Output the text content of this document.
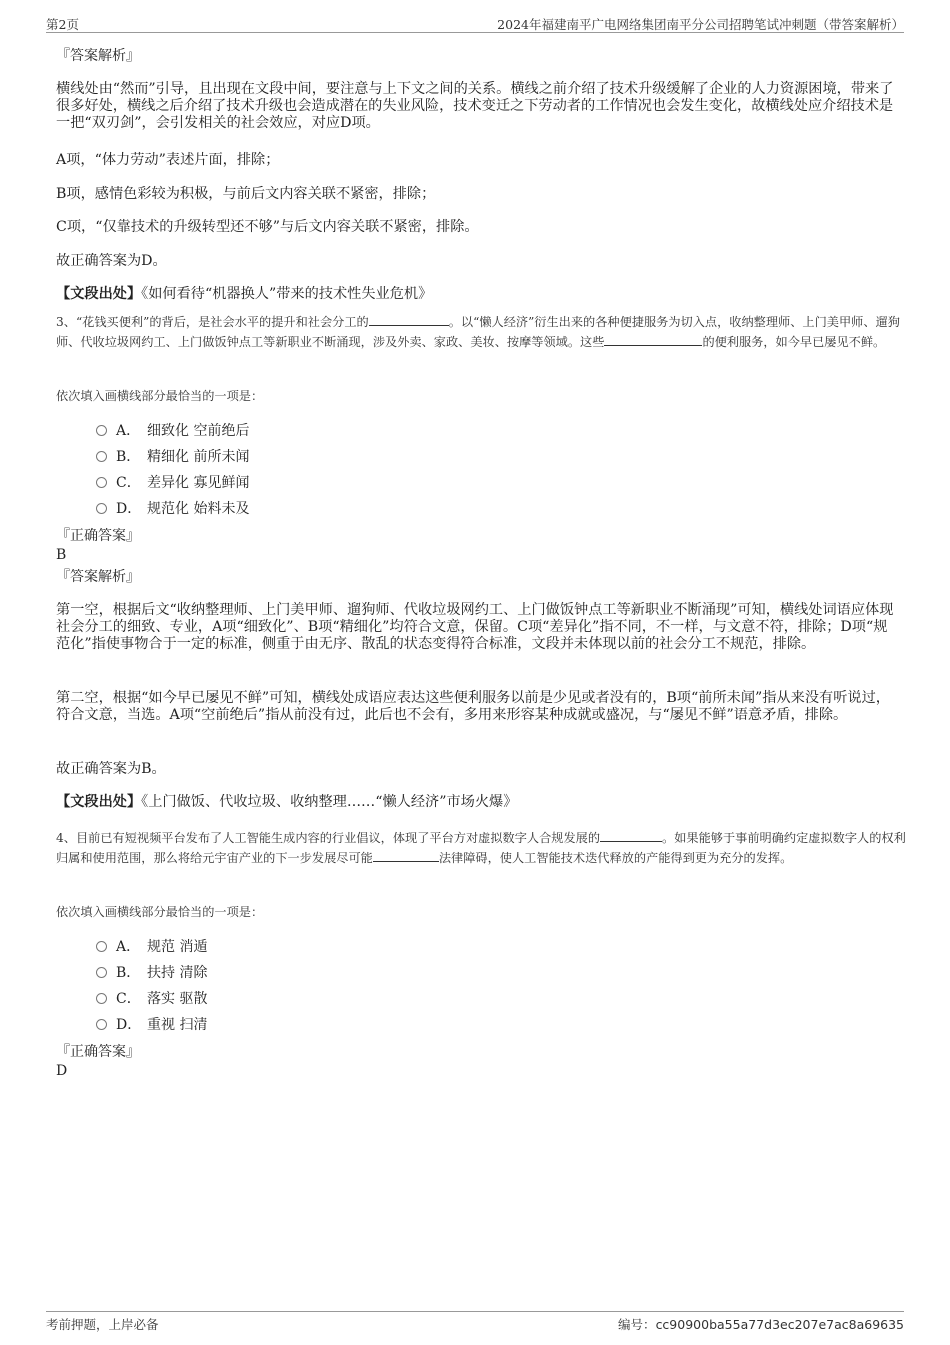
第2页	2024年福建南平广电网络集团南平分公司招聘笔试冲刺题（带答案解析）
『答案解析』
横线处由“然而”引导，且出现在文段中间，要注意与上下文之间的关系。横线之前介绍了技术升级缓解了企业的人力资源困境，带来了很多好处，横线之后介绍了技术升级也会造成潜在的失业风险，技术变迁之下劳动者的工作情况也会发生变化，故横线处应介绍技术是一把“双刃剑”，会引发相关的社会效应，对应D项。
A项，“体力劳动”表述片面，排除；
B项，感情色彩较为积极，与前后文内容关联不紧密，排除；
C项，“仅靠技术的升级转型还不够”与后文内容关联不紧密，排除。
故正确答案为D。
【文段出处】《如何看待“机器换人”带来的技术性失业危机》
3、“花钱买便利”的背后，是社会水平的提升和社会分工的	。以“懒人经济”衍生出来的各种便捷服务为切入点，收纳整理师、上门美甲师、遛狗师、代收垃圾网约工、上门做饭钟点工等新职业不断涌现，涉及外卖、家政、美妆、按摩等领域。这些	的便利服务，如今早已屡见不鲜。
依次填入画横线部分最恰当的一项是：
A． 细致化 空前绝后
B． 精细化 前所未闻
C． 差异化 寡见鲜闻
D． 规范化 始料未及
『正确答案』
B
『答案解析』
第一空，根据后文“收纳整理师、上门美甲师、遛狗师、代收垃圾网约工、上门做饭钟点工等新职业不断涌现”可知，横线处词语应体现社会分工的细致、专业，A项“细致化”、B项“精细化”均符合文意，保留。C项“差异化”指不同，不一样，与文意不符，排除；D项“规范化”指使事物合于一定的标准，侧重于由无序、散乱的状态变得符合标准，文段并未体现以前的社会分工不规范，排除。
第二空，根据“如今早已屡见不鲜”可知，横线处成语应表达这些便利服务以前是少见或者没有的，B项“前所未闻”指从来没有听说过，符合文意，当选。A项“空前绝后”指从前没有过，此后也不会有，多用来形容某种成就或盛况，与“屡见不鲜”语意矛盾，排除。
故正确答案为B。
【文段出处】《上门做饭、代收垃圾、收纳整理……“懒人经济”市场火爆》
4、目前已有短视频平台发布了人工智能生成内容的行业倡议，体现了平台方对虚拟数字人合规发展的	。如果能够于事前明确约定虚拟数字人的权利归属和使用范围，那么将给元宇宙产业的下一步发展尽可能	法律障碍，使人工智能技术迭代释放的产能得到更为充分的发挥。
依次填入画横线部分最恰当的一项是：
A． 规范 消遁
B． 扶持 清除
C． 落实 驱散
D． 重视 扫清
『正确答案』
D
考前押题，上岸必备	编号：cc90900ba55a77d3ec207e7ac8a69635
